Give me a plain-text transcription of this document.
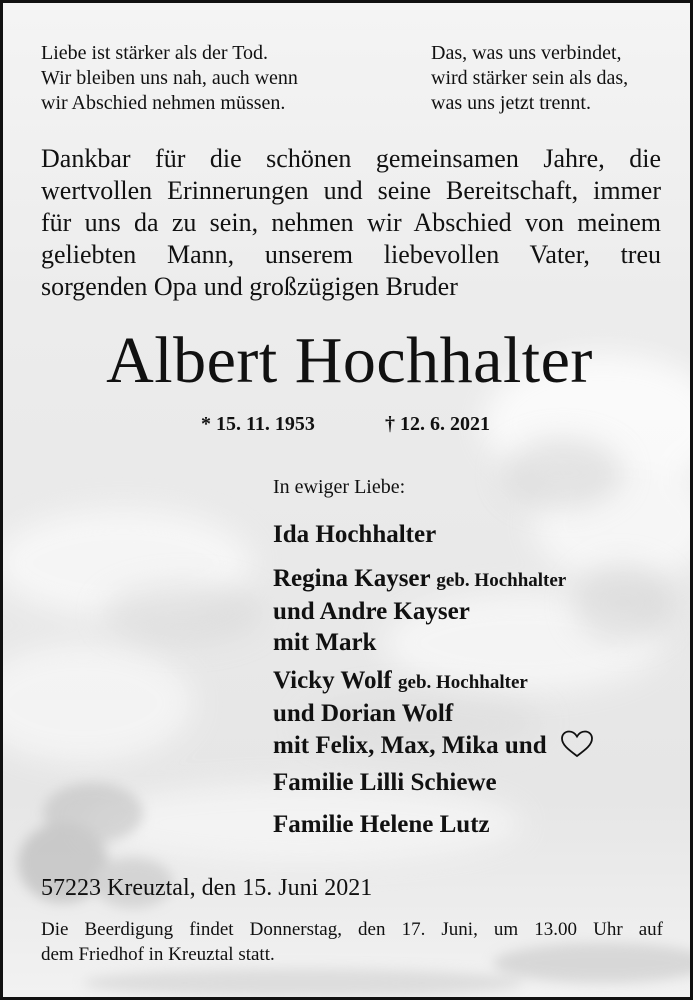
Liebe ist stärker als der Tod.
Wir bleiben uns nah, auch wenn
wir Abschied nehmen müssen.
Das, was uns verbindet,
wird stärker sein als das,
was uns jetzt trennt.
Dankbar für die schönen gemeinsamen Jahre, die
wertvollen Erinnerungen und seine Bereitschaft, immer
für uns da zu sein, nehmen wir Abschied von meinem
geliebten Mann, unserem liebevollen Vater, treu
sorgenden Opa und großzügigen Bruder
Albert Hochhalter
* 15. 11. 1953	† 12. 6. 2021
In ewiger Liebe:
Ida Hochhalter
Regina Kayser geb. Hochhalter
und Andre Kayser
mit Mark
Vicky Wolf geb. Hochhalter
und Dorian Wolf
mit Felix, Max, Mika und
Familie Lilli Schiewe
Familie Helene Lutz
57223 Kreuztal, den 15. Juni 2021
Die Beerdigung findet Donnerstag, den 17. Juni, um 13.00 Uhr auf
dem Friedhof in Kreuztal statt.
